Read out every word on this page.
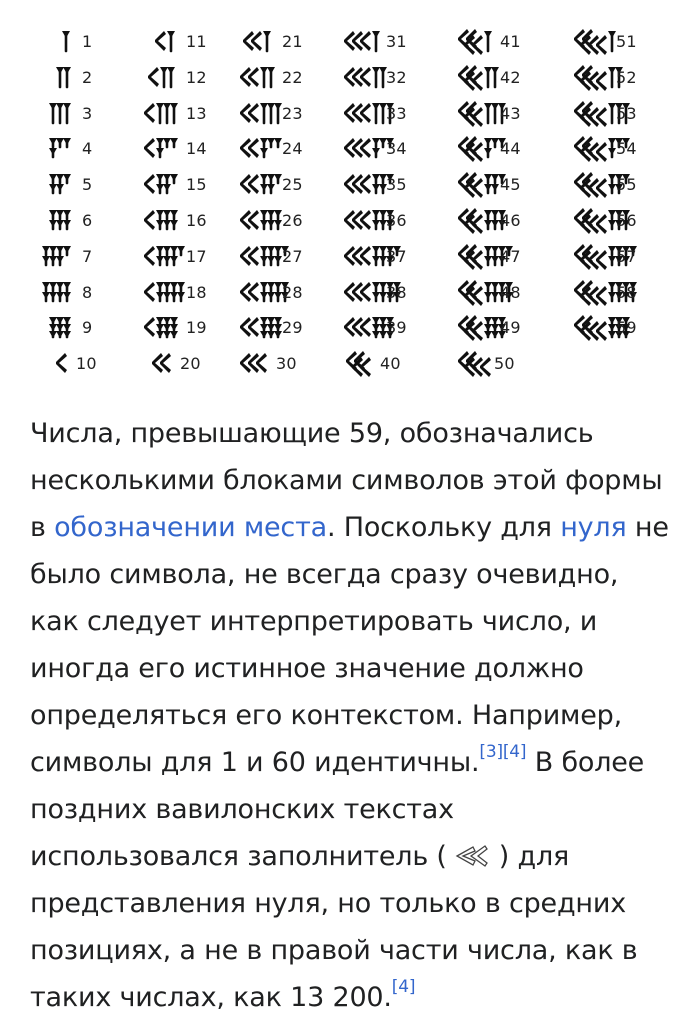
1
2
3
4
5
6
7
8
9
10
11
12
13
14
15
16
17
18
19
20
21
22
23
24
25
26
27
28
29
30
31
32
33
34
35
36
37
38
39
40
41
42
43
44
45
46
47
48
49
50
51
52
53
54
55
56
57
58
59

Числа, превышающие 59, обозначались несколькими блоками символов этой формы в обозначении места. Поскольку для нуля не было символа, не всегда сразу очевидно, как следует интерпретировать число, и иногда его истинное значение должно определяться его контекстом. Например, символы для 1 и 60 идентичны.[3][4] В более поздних вавилонских текстах использовался заполнитель ( ) для представления нуля, но только в средних позициях, а не в правой части числа, как в таких числах, как 13 200.[4]
